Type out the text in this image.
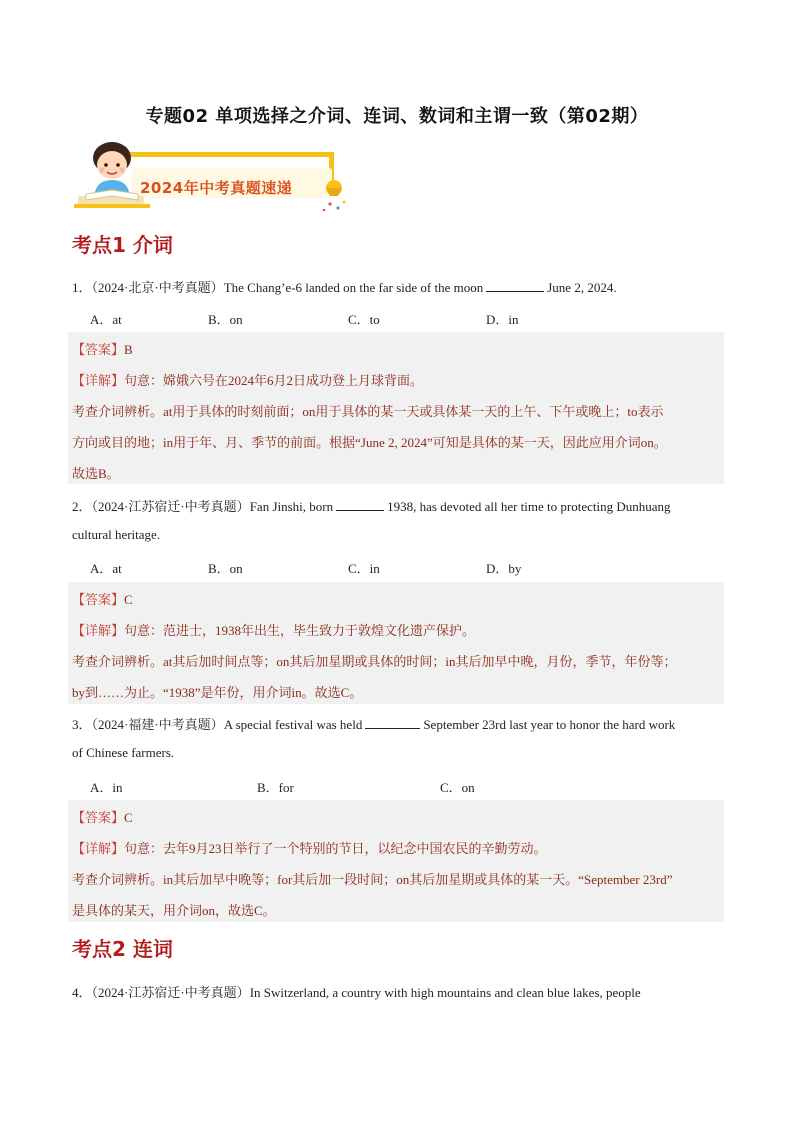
专题02 单项选择之介词、连词、数词和主谓一致（第02期）
2024年中考真题速递
考点1 介词
1．（2024·北京·中考真题）The Chang’e-6 landed on the far side of the moon	June 2, 2024.
A．at	B．on	C．to	D．in
【答案】B
【详解】句意：嫦娥六号在2024年6月2日成功登上月球背面。
考查介词辨析。at用于具体的时刻前面；on用于具体的某一天或具体某一天的上午、下午或晚上；to表示
方向或目的地；in用于年、月、季节的前面。根据“June 2, 2024”可知是具体的某一天，因此应用介词on。
故选B。
2．（2024·江苏宿迁·中考真题）Fan Jinshi, born	1938, has devoted all her time to protecting Dunhuang
cultural heritage.
A．at	B．on	C．in	D．by
【答案】C
【详解】句意：范进士，1938年出生，毕生致力于敦煌文化遗产保护。
考查介词辨析。at其后加时间点等；on其后加星期或具体的时间；in其后加早中晚，月份，季节，年份等；
by到……为止。“1938”是年份，用介词in。故选C。
3．（2024·福建·中考真题）A special festival was held	September 23rd last year to honor the hard work
of Chinese farmers.
A．in	B．for	C．on
【答案】C
【详解】句意：去年9月23日举行了一个特别的节日，以纪念中国农民的辛勤劳动。
考查介词辨析。in其后加早中晚等；for其后加一段时间；on其后加星期或具体的某一天。“September 23rd”
是具体的某天，用介词on，故选C。
考点2 连词
4．（2024·江苏宿迁·中考真题）In Switzerland, a country with high mountains and clean blue lakes, people
